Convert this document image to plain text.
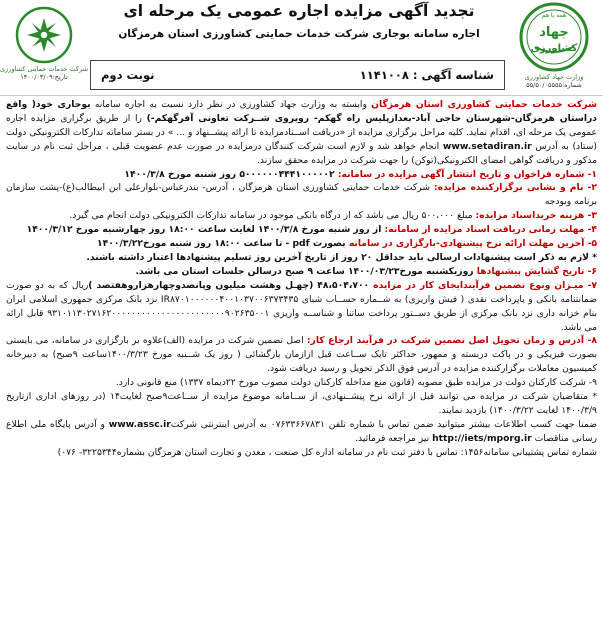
همه با هم
جهاد
کشاورزی
وزارت جهاد کشاورزی
شماره:۵۵/۵۰/۰۵۵۵۵
تجدید آگهی مزایده اجاره عمومی یک مرحله ای
اجاره سامانه بوجاری شرکت خدمات حمایتی کشاورزی استان هرمزگان
شناسه آگهی : ۱۱۴۱۰۰۸
نوبت دوم
شرکت خدمات حمایتی کشاورزی
تاریخ:۱۴۰۰/۰۳/۰۹

شرکت خدمات حمایتی کشاورزی استان هرمزگان وابسته به وزارت جهاد کشاورزی در نظر دارد نسبت به اجاره سامانه بوجاری خود( واقع دراستان هرمزگان-شهرستان حاجی آباد-بعدازپلیس راه گهکم- روبروی شــرکت تعاونی آفرگهکم-) را از طریق برگزاری مزایده اجاره عمومی یک مرحله ای، اقدام نماید. کلیه مراحل برگزاری مزایده از «دریافت اســنادمزایده تا ارائه پیشــنهاد و ... » در بستر سامانه تدارکات الکترونیکی دولت (ستاد) به آدرس www.setadiran.ir انجام خواهد شد و لازم است شرکت کنندگان درمزایده در صورت عدم عضویت قبلی ، مراحل ثبت نام در سایت مذکور و دریافت گواهی امضای الکترونیکی(توکن) را جهت شرکت در مزایده محقق سازند.

۱- شماره فراخوان و تاریخ انتشار آگهی مزایده در سامانه: ۵۰۰۰۰۰۰۴۴۴۱۰۰۰۰۰۲ روز شنبه مورخ ۱۴۰۰/۳/۸

۲- نام و نشانی برگزارکننده مزایده: شرکت خدمات حمایتی کشاورزی استان هرمزگان ، آدرس- بندرعباس-بلوارعلی ابن ابیطالب(ع)-پشت سازمان برنامه وبودجه

۳- هزینه خریداسناد مزایده: مبلغ ۵۰۰،۰۰۰ ریال می باشد که از درگاه بانکی موجود در سامانه تدارکات الکترونیکی دولت انجام می گیرد.

۴- مهلت زمانی دریافت اسناد مزایده از سامانه: از روز شنبه مورخ ۱۴۰۰/۳/۸ لغایت ساعت ۱۸:۰۰ روز چهارشنبه مورخ ۱۴۰۰/۳/۱۲

۵- آخرین مهلت ارائه نرخ پیشنهادی-بارگزاری در سامانه بصورت pdf - تا ساعت ۱۸:۰۰ روز شنبه مورخ۱۴۰۰/۳/۲۲

* لازم به ذکر است پیشنهادات ارسالی باید حداقل ۲۰ روز از تاریخ آخرین روز تسلیم پیشنهادها اعتبار داشته باشند.

۶- تاریخ گشایش پیشنهادها روزیکشنبه مورخ۱۴۰۰/۰۳/۲۳ ساعت ۹ صبح درسالن جلسات استان می باشد.

۷- میـزان ونوع تضمین فرآیندایجای کار در مزایده ۴۸،۵۰۴،۷۰۰ (چهـل وهشت میلیون وپانصدوچهارهزاروهفتصد )ریال که به دو صورت ضمانتنامه بانکی و یاپرداخت نقدی ( فیش واریزی) به شــماره حســاب شبای IR۸۷۰۱۰۰۰۰۰۰۴۰۰۱۰۳۷۰۰۶۳۷۳۴۳۵ نزد بانک مرکزی جمهوری اسلامی ایران بنام خزانه داری نزد بانک مرکزی از طریق دســتور پرداخت ساتنا و شناســه واریزی ۹۳۱۰۱۱۳۰۲۷۱۶۲۰۰۰۰۰۰۰۰۰۰۰۰۰۰۰۰۰۰۰۰۰۰۰۹۰۲۶۳۵۰۰۱ قابل ارائه می باشد.

۸- آدرس و زمان تحویل اصل تضمین شرکت در فرآیند ارجاع کار: اصل تضمین شرکت در مزایده (الف)علاوه بر بارگزاری در سامانه، می بایستی بصورت فیزیکی و در پاکت دربسته و ممهور، حداکثر تایک ســاعت قبل ازازمان بازگشائی ( روز یک شــنبه مورخ ۱۴۰۰/۳/۲۳ساعت ۹صبح) به دبیرخانه کمیسیون معاملات برگزارکننده مزایده در آدرس فوق الذکر تحویل و رسید دریافت شود.

۹- شرکت کارکنان دولت در مزایده طبق مصوبه (قانون منع مداخله کارکنان دولت مصوب مورخ ۲۲دیماه ۱۳۳۷) منع قانونی دارد.

* متقاضیان شرکت در مزایده می توانند قبل از ارائه نرخ پیشــنهادی، از ســامانه موضوع مزایده از ســاعت۹صبح لغایت۱۴ (در روزهای اداری ازتاریخ ۱۴۰۰/۳/۹ لغایت ۱۴۰۰/۳/۲۲) بازدید نمایند.

ضمنا جهت کسب اطلاعات بیشتر میتوانید ضمن تماس با شماره تلفن ۰۷۶۳۳۶۶۷۸۳۱ به آدرس اینترنتی شرکتwww.assc.ir و آدرس پایگاه ملی اطلاع رسانی مناقصات http://iets/mporg.ir نیز مراجعه فرمائید.

شماره تماس پشتیبانی سامانه۱۴۵۶: تماس با دفتر ثبت نام در سامانه اداره کل صنعت ، معدن و تجارت استان هرمزگان بشماره۳۲۲۵۳۴۴- ۰۷۶)
